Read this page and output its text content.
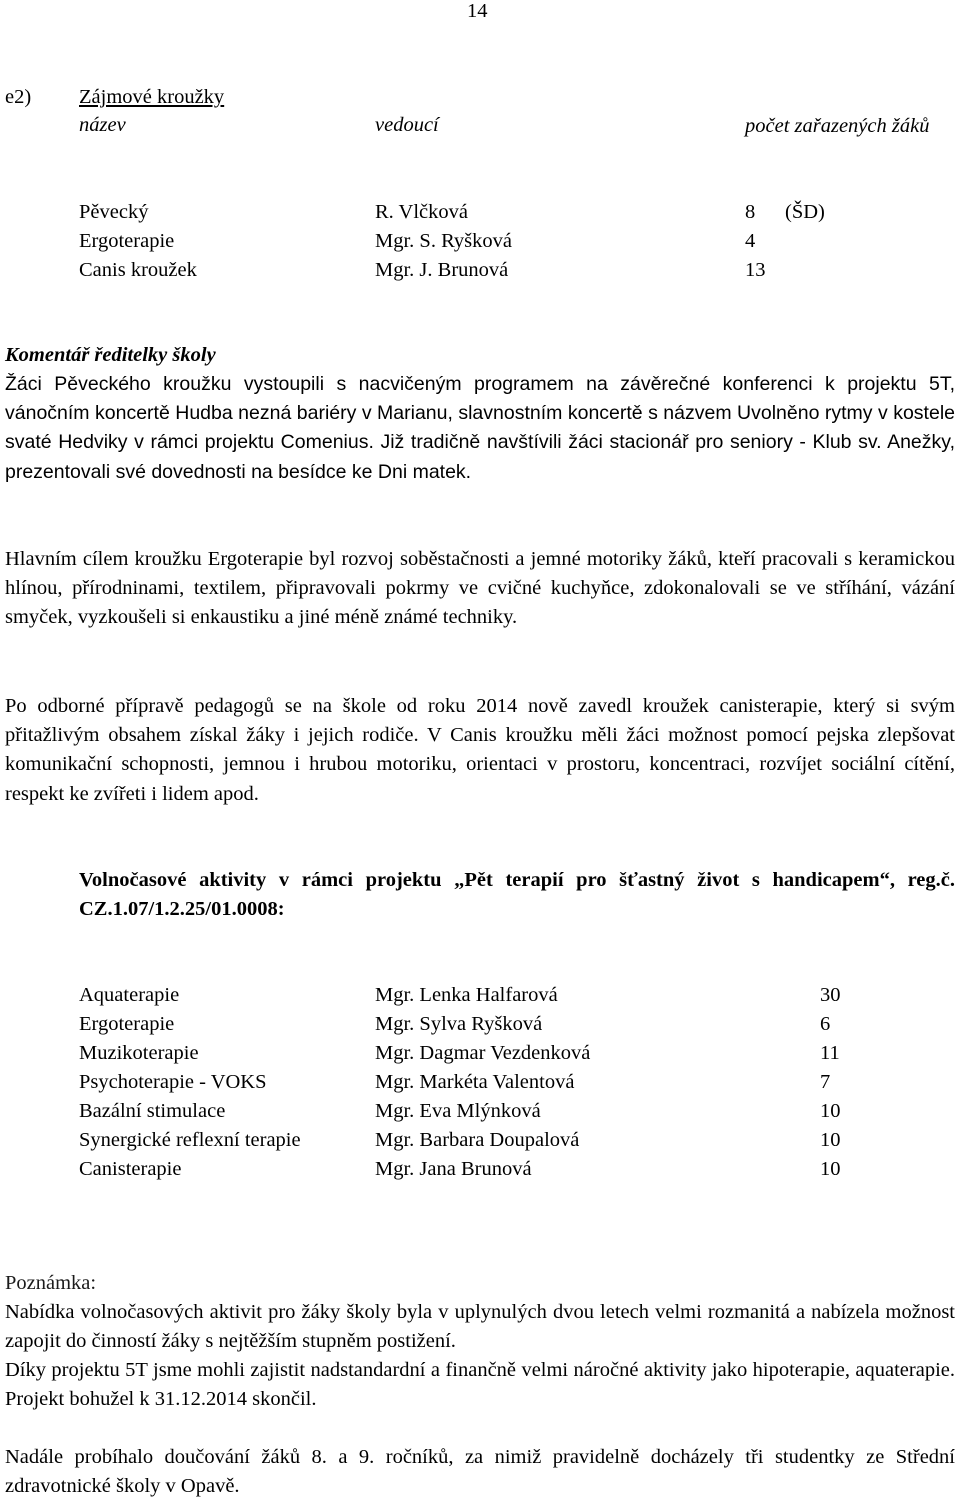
14
e2) Zájmové kroužky
název	vedoucí	počet zařazených žáků
Pěvecký	R. Vlčková	8 (ŠD)
Ergoterapie	Mgr. S. Ryšková	4
Canis kroužek	Mgr. J. Brunová	13
Komentář ředitelky školy
Žáci Pěveckého kroužku vystoupili s nacvičeným programem na závěrečné konferenci k projektu 5T, vánočním koncertě Hudba nezná bariéry v Marianu, slavnostním koncertě s názvem Uvolněno rytmy v kostele svaté Hedviky v rámci projektu Comenius. Již tradičně navštívili žáci stacionář pro seniory - Klub sv. Anežky, prezentovali své dovednosti na besídce ke Dni matek.
Hlavním cílem kroužku Ergoterapie byl rozvoj soběstačnosti a jemné motoriky žáků, kteří pracovali s keramickou hlínou, přírodninami, textilem, připravovali pokrmy ve cvičné kuchyňce, zdokonalovali se ve stříhání, vázání smyček, vyzkoušeli si enkaustiku a jiné méně známé techniky.
Po odborné přípravě pedagogů se na škole od roku 2014 nově zavedl kroužek canisterapie, který si svým přitažlivým obsahem získal žáky i jejich rodiče. V Canis kroužku měli žáci možnost pomocí pejska zlepšovat komunikační schopnosti, jemnou i hrubou motoriku, orientaci v prostoru, koncentraci, rozvíjet sociální cítění, respekt ke zvířeti i lidem apod.
Volnočasové aktivity v rámci projektu „Pět terapií pro šťastný život s handicapem“, reg.č. CZ.1.07/1.2.25/01.0008:
Aquaterapie	Mgr. Lenka Halfarová	30
Ergoterapie	Mgr. Sylva Ryšková	6
Muzikoterapie	Mgr. Dagmar Vezdenková	11
Psychoterapie - VOKS	Mgr. Markéta Valentová	7
Bazální stimulace	Mgr. Eva Mlýnková	10
Synergické reflexní terapie	Mgr. Barbara Doupalová	10
Canisterapie	Mgr. Jana Brunová	10
Poznámka:
Nabídka volnočasových aktivit pro žáky školy byla v uplynulých dvou letech velmi rozmanitá a nabízela možnost zapojit do činností žáky s nejtěžším stupněm postižení.
Díky projektu 5T jsme mohli zajistit nadstandardní a finančně velmi náročné aktivity jako hipoterapie, aquaterapie. Projekt bohužel k 31.12.2014 skončil.
Nadále probíhalo doučování žáků 8. a 9. ročníků, za nimiž pravidelně docházely tři studentky ze Střední zdravotnické školy v Opavě.
